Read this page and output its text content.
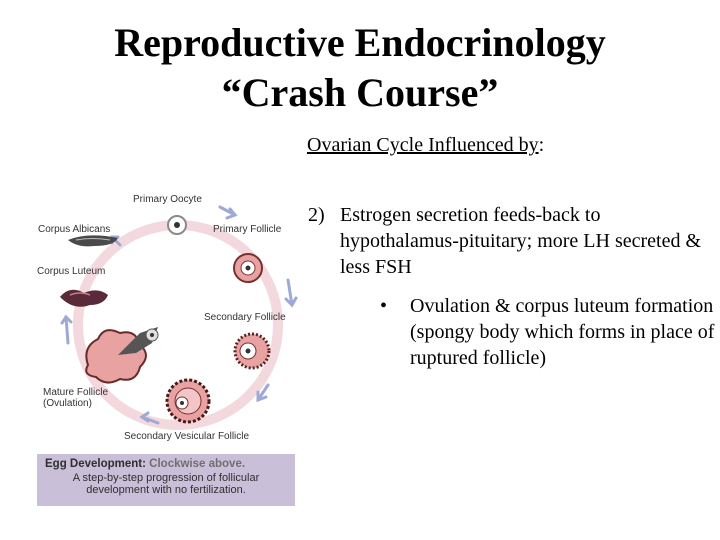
Reproductive Endocrinology
“Crash Course”
Ovarian Cycle Influenced by:
2) Estrogen secretion feeds-back to hypothalamus-pituitary; more LH secreted & less FSH
• Ovulation & corpus luteum formation (spongy body which forms in place of ruptured follicle)
Primary Oocyte
Primary Follicle
Secondary Follicle
Secondary Vesicular Follicle
Mature Follicle
(Ovulation)
Corpus Luteum
Corpus Albicans
Egg Development: Clockwise above.
A step-by-step progression of follicular development with no fertilization.
